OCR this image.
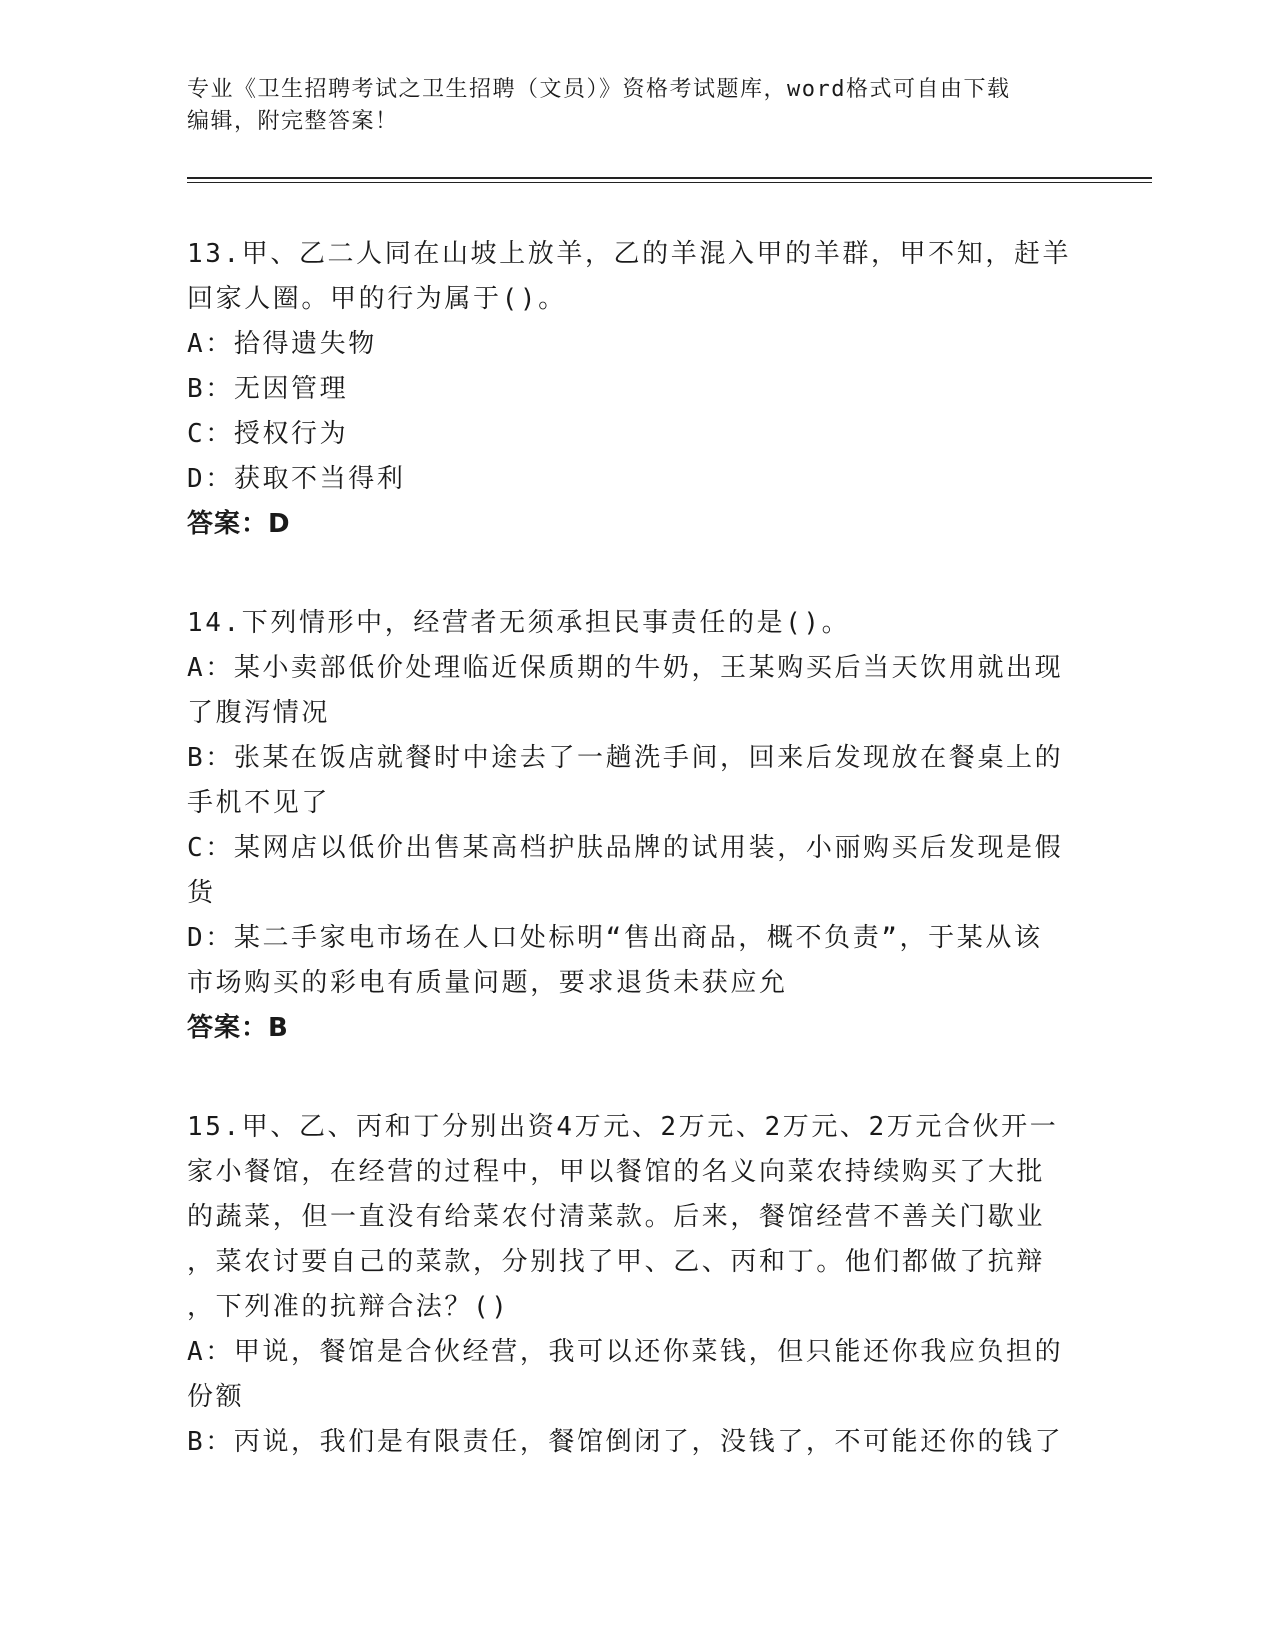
专业《卫生招聘考试之卫生招聘（文员）》资格考试题库，word格式可自由下载
编辑，附完整答案！
13.甲、乙二人同在山坡上放羊，乙的羊混入甲的羊群，甲不知，赶羊
回家人圈。甲的行为属于()。
A：拾得遗失物
B：无因管理
C：授权行为
D：获取不当得利
答案：D
14.下列情形中，经营者无须承担民事责任的是()。
A：某小卖部低价处理临近保质期的牛奶，王某购买后当天饮用就出现
了腹泻情况
B：张某在饭店就餐时中途去了一趟洗手间，回来后发现放在餐桌上的
手机不见了
C：某网店以低价出售某高档护肤品牌的试用装，小丽购买后发现是假
货
D：某二手家电市场在人口处标明“售出商品，概不负责”，于某从该
市场购买的彩电有质量问题，要求退货未获应允
答案：B
15.甲、乙、丙和丁分别出资4万元、2万元、2万元、2万元合伙开一
家小餐馆，在经营的过程中，甲以餐馆的名义向菜农持续购买了大批
的蔬菜，但一直没有给菜农付清菜款。后来，餐馆经营不善关门歇业
，菜农讨要自己的菜款，分别找了甲、乙、丙和丁。他们都做了抗辩
，下列准的抗辩合法？()
A：甲说，餐馆是合伙经营，我可以还你菜钱，但只能还你我应负担的
份额
B：丙说，我们是有限责任，餐馆倒闭了，没钱了，不可能还你的钱了
